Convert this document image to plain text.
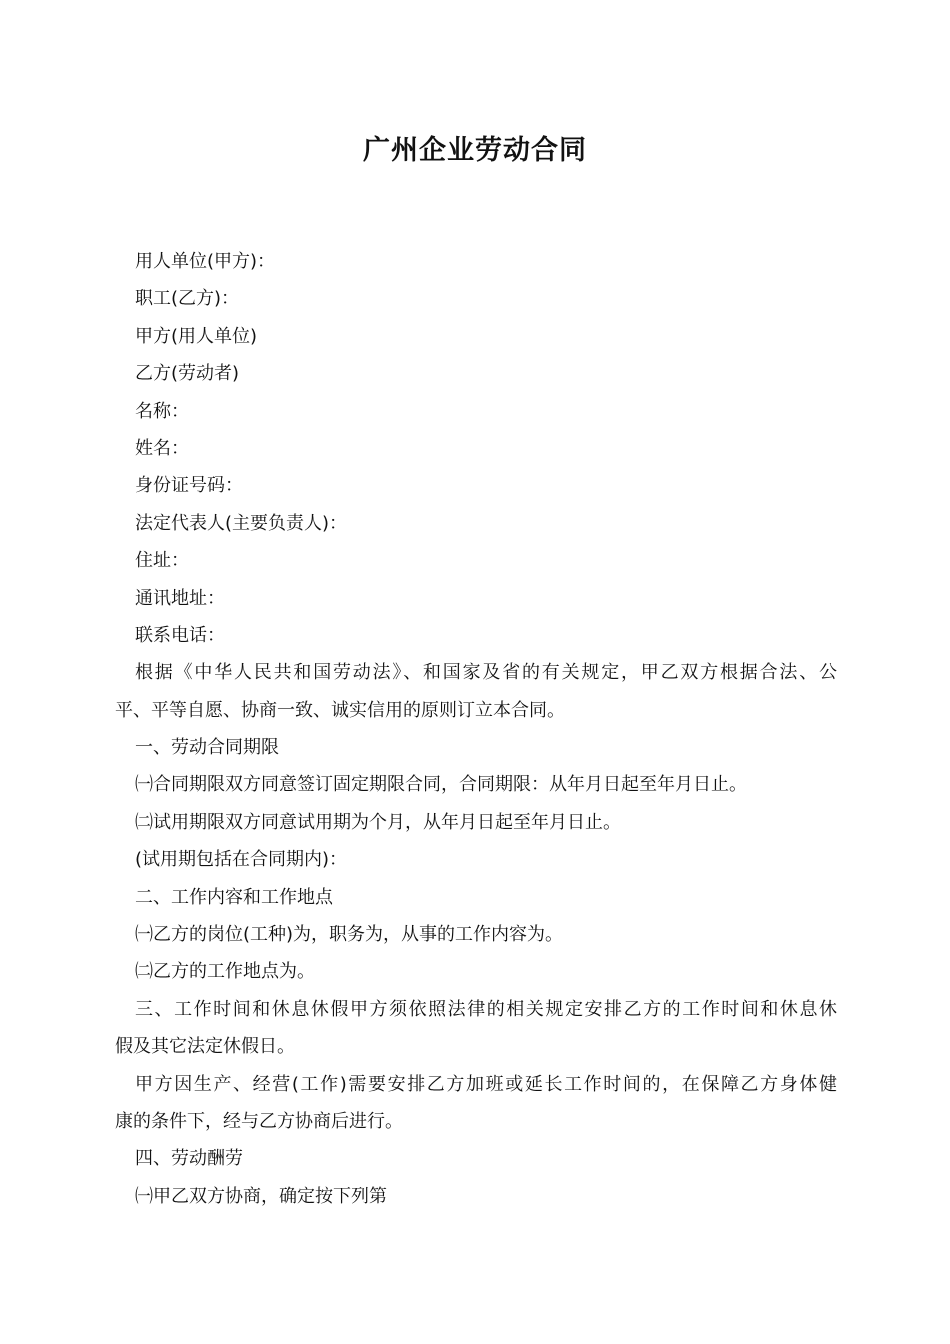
广州企业劳动合同

用人单位(甲方)：

职工(乙方)：

甲方(用人单位)

乙方(劳动者)

名称：

姓名：

身份证号码：

法定代表人(主要负责人)：

住址：

通讯地址：

联系电话：

根据《中华人民共和国劳动法》、和国家及省的有关规定，甲乙双方根据合法、公

平、平等自愿、协商一致、诚实信用的原则订立本合同。

一、劳动合同期限

㈠合同期限双方同意签订固定期限合同，合同期限：从年月日起至年月日止。

㈡试用期限双方同意试用期为个月，从年月日起至年月日止。

(试用期包括在合同期内)：

二、工作内容和工作地点

㈠乙方的岗位(工种)为，职务为，从事的工作内容为。

㈡乙方的工作地点为。

三、工作时间和休息休假甲方须依照法律的相关规定安排乙方的工作时间和休息休

假及其它法定休假日。

甲方因生产、经营(工作)需要安排乙方加班或延长工作时间的，在保障乙方身体健

康的条件下，经与乙方协商后进行。

四、劳动酬劳

㈠甲乙双方协商，确定按下列第
